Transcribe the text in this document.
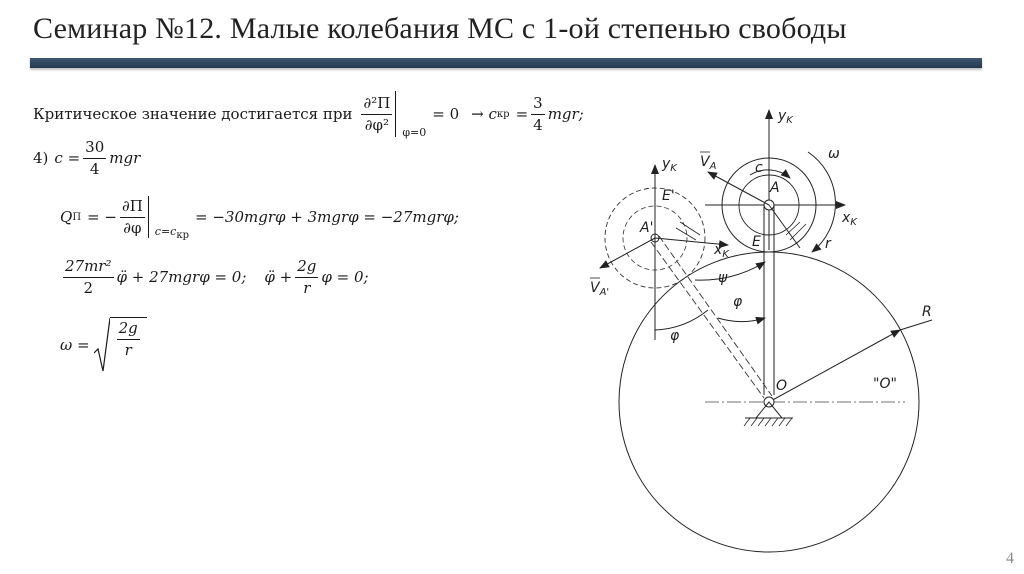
Семинар №12. Малые колебания МС с 1-ой степенью свободы
Критическое значение достигается при $\frac{\text{∂²П}}{\text{∂φ²}} \varphi=0$
= 0 → c кр = $\frac{3}{4}$ mgr;
4) $c = \frac{30}{4}$ mgr
Q П = − $\frac{\partial П}{\partial\varphi} c=c_{кр}$
= −30mgrφ + 3mgrφ = −27mgrφ;
$\frac{\text{27mr²}}{2}$ φ̈ + 27mgrφ = 0; φ̈ + $\frac{2g}{r}$ φ = 0;
$\omega = \frac{2g}{r}$
$y_K$
ω
c
A
$x_K$
E	r
$V_A$
$y_K$
E'
A'
$x_K$
$V_{A'}$
ψ
φ
φ
R
O	"O"
4
